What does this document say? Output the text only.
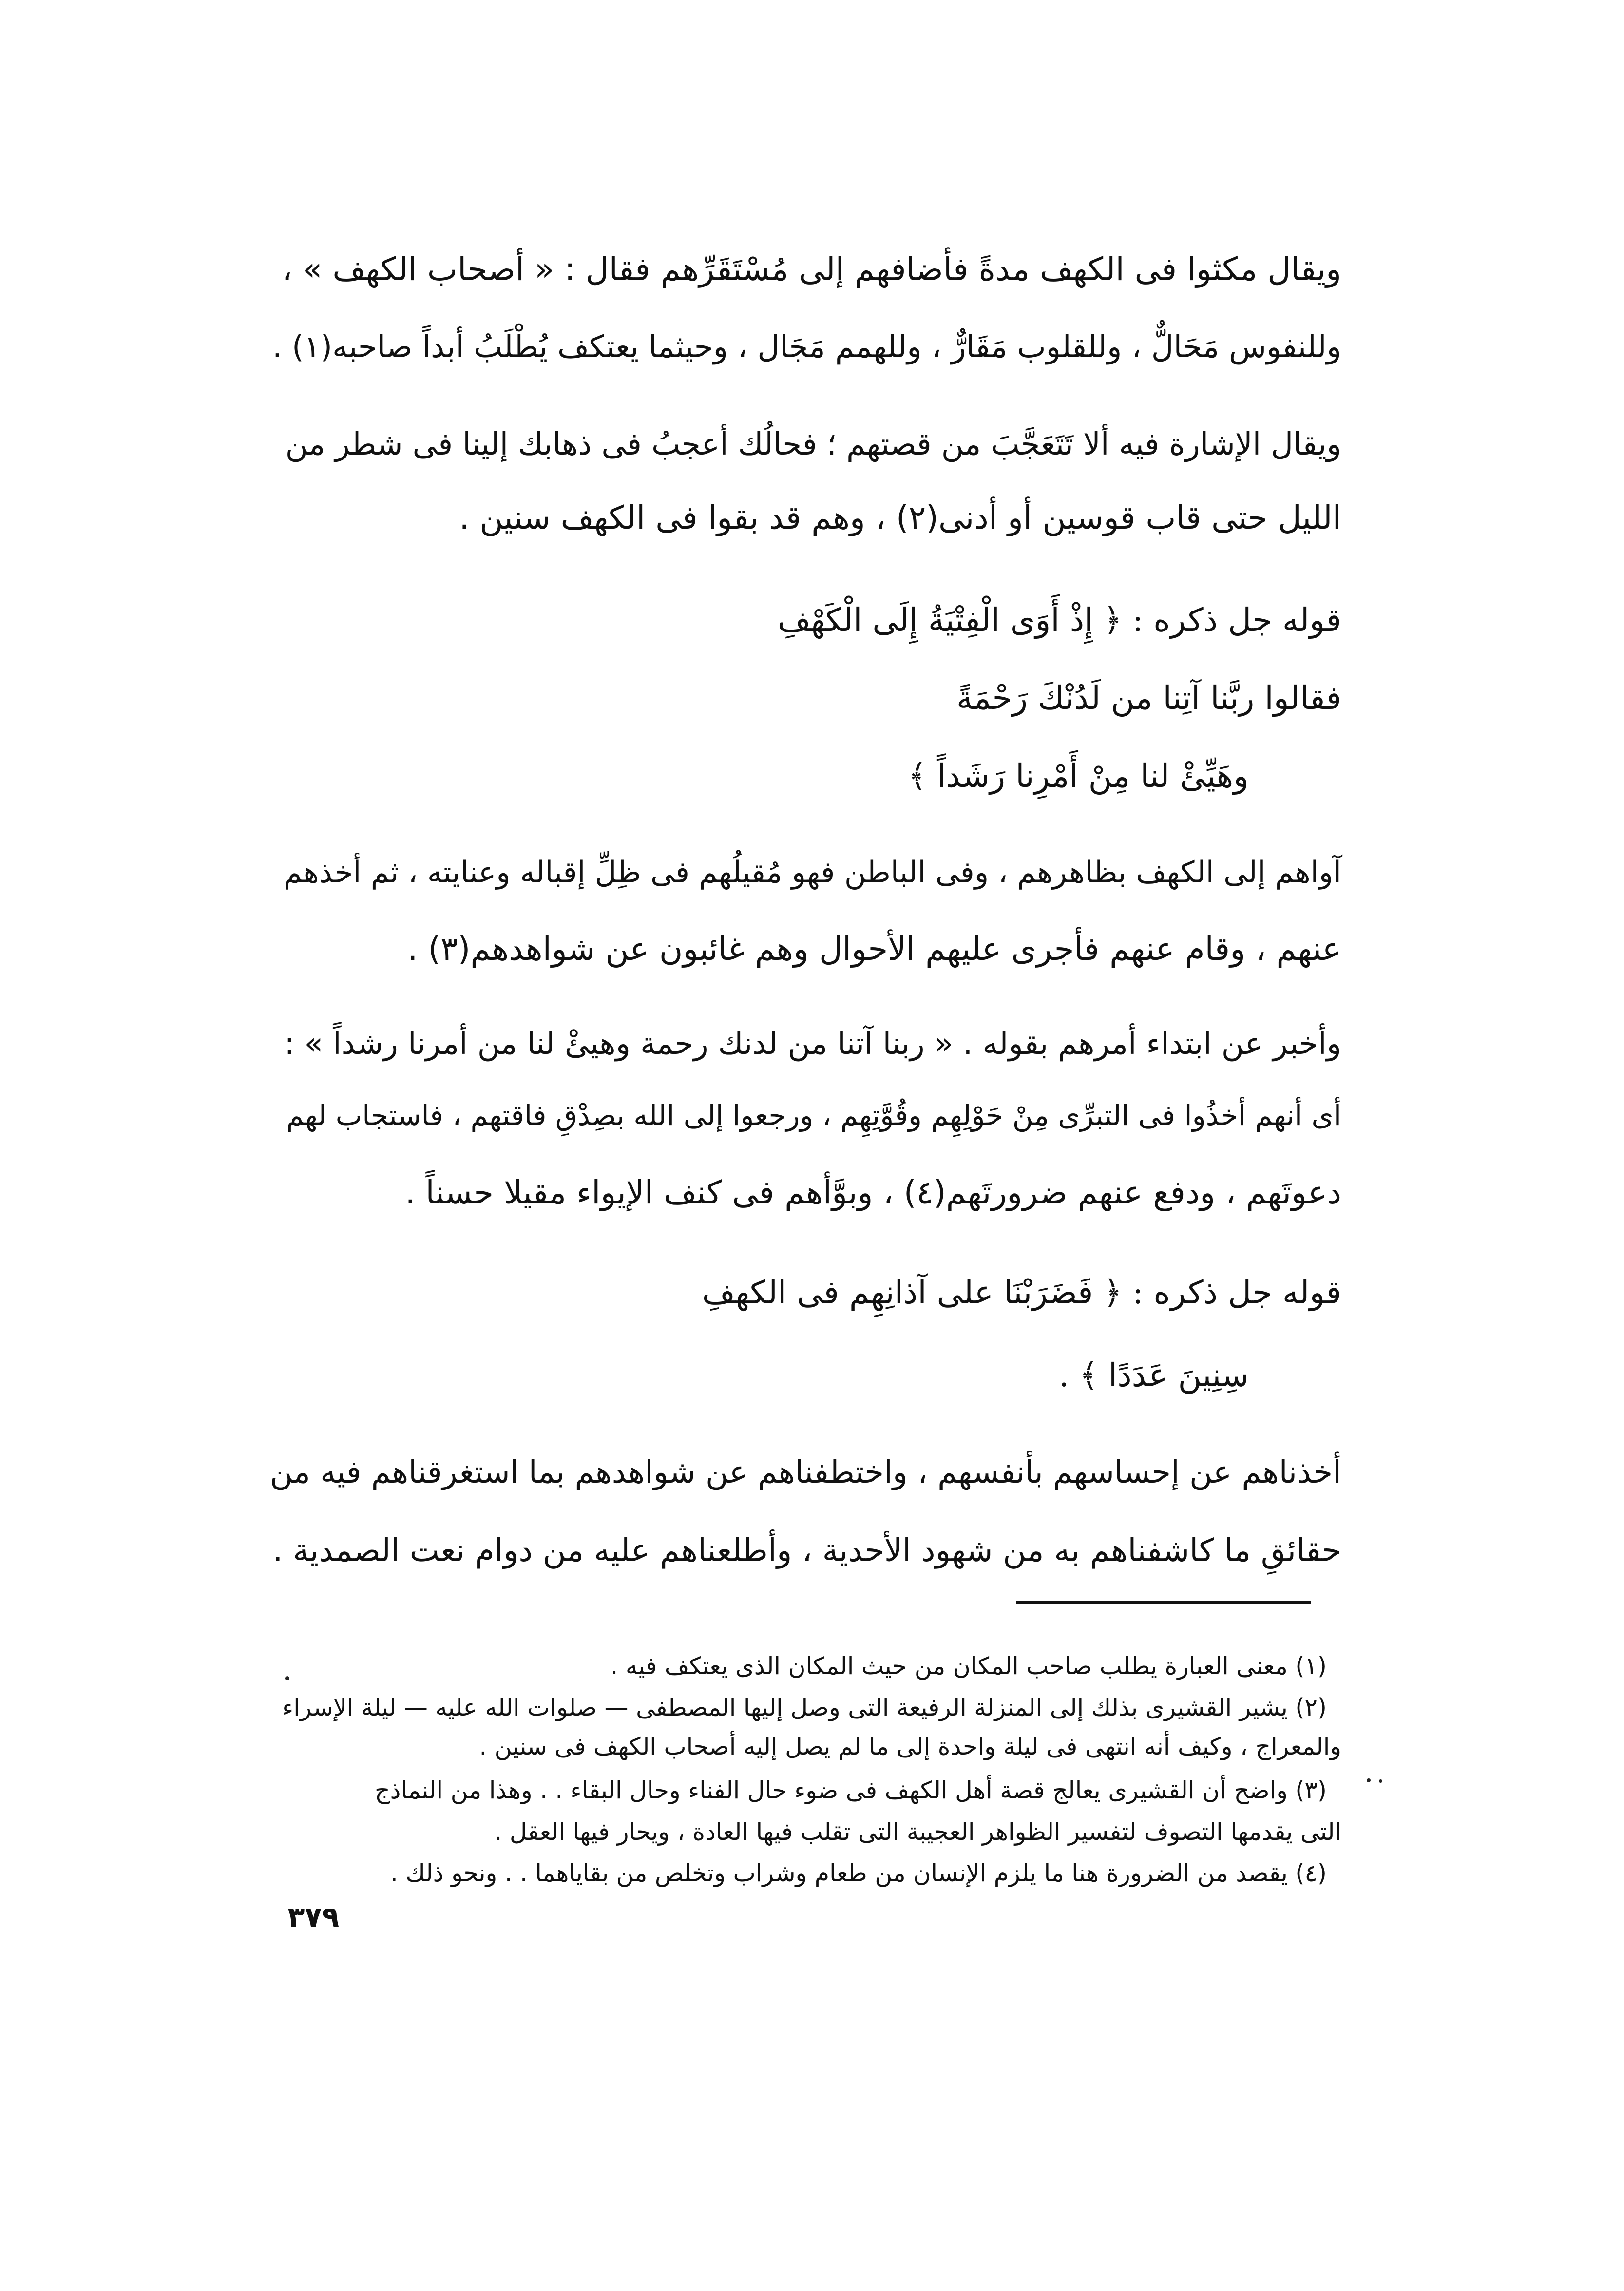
ويقال مكثوا فى الكهف مدةً فأضافهم إلى مُسْتَقَرِّهم فقال : « أصحاب الكهف » ،
وللنفوس مَحَالٌّ ، وللقلوب مَقَارٌّ ، وللهمم مَجَال ، وحيثما يعتكف يُطْلَبُ أبداً صاحبه(١) .
ويقال الإشارة فيه ألا تَتَعَجَّبَ من قصتهم ؛ فحالُك أعجبُ فى ذهابك إلينا فى شطر من
الليل حتى قاب قوسين أو أدنى(٢) ، وهم قد بقوا فى الكهف سنين .
قوله جل ذكره : ﴿ إِذْ أَوَى الْفِتْيَةُ إِلَى الْكَهْفِ
فقالوا ربَّنا آتِنا من لَدُنْكَ رَحْمَةً
وهَيِّئْ لنا مِنْ أَمْرِنا رَشَداً ﴾
آواهم إلى الكهف بظاهرهم ، وفى الباطن فهو مُقيلُهم فى ظِلِّ إقباله وعنايته ، ثم أخذهم
عنهم ، وقام عنهم فأجرى عليهم الأحوال وهم غائبون عن شواهدهم(٣) .
وأخبر عن ابتداء أمرهم بقوله . « ربنا آتنا من لدنك رحمة وهيئْ لنا من أمرنا رشداً » :
أى أنهم أخذُوا فى التبرِّى مِنْ حَوْلِهِم وقُوَّتِهِم ، ورجعوا إلى الله بصِدْقِ فاقتهم ، فاستجاب لهم
دعوتَهم ، ودفع عنهم ضرورتَهم(٤) ، وبوَّأهم فى كنف الإيواء مقيلا حسناً .
قوله جل ذكره : ﴿ فَضَرَبْنَا على آذانِهِم فى الكهفِ
سِنِينَ عَدَدًا ﴾ .
أخذناهم عن إحساسهم بأنفسهم ، واختطفناهم عن شواهدهم بما استغرقناهم فيه من
حقائقِ ما كاشفناهم به من شهود الأحدية ، وأطلعناهم عليه من دوام نعت الصمدية .
(١) معنى العبارة يطلب صاحب المكان من حيث المكان الذى يعتكف فيه .
(٢) يشير القشيرى بذلك إلى المنزلة الرفيعة التى وصل إليها المصطفى — صلوات الله عليه — ليلة الإسراء
والمعراج ، وكيف أنه انتهى فى ليلة واحدة إلى ما لم يصل إليه أصحاب الكهف فى سنين .
(٣) واضح أن القشيرى يعالج قصة أهل الكهف فى ضوء حال الفناء وحال البقاء . . وهذا من النماذج
التى يقدمها التصوف لتفسير الظواهر العجيبة التى تقلب فيها العادة ، ويحار فيها العقل .
(٤) يقصد من الضرورة هنا ما يلزم الإنسان من طعام وشراب وتخلص من بقاياهما . . ونحو ذلك .
٣٧٩
